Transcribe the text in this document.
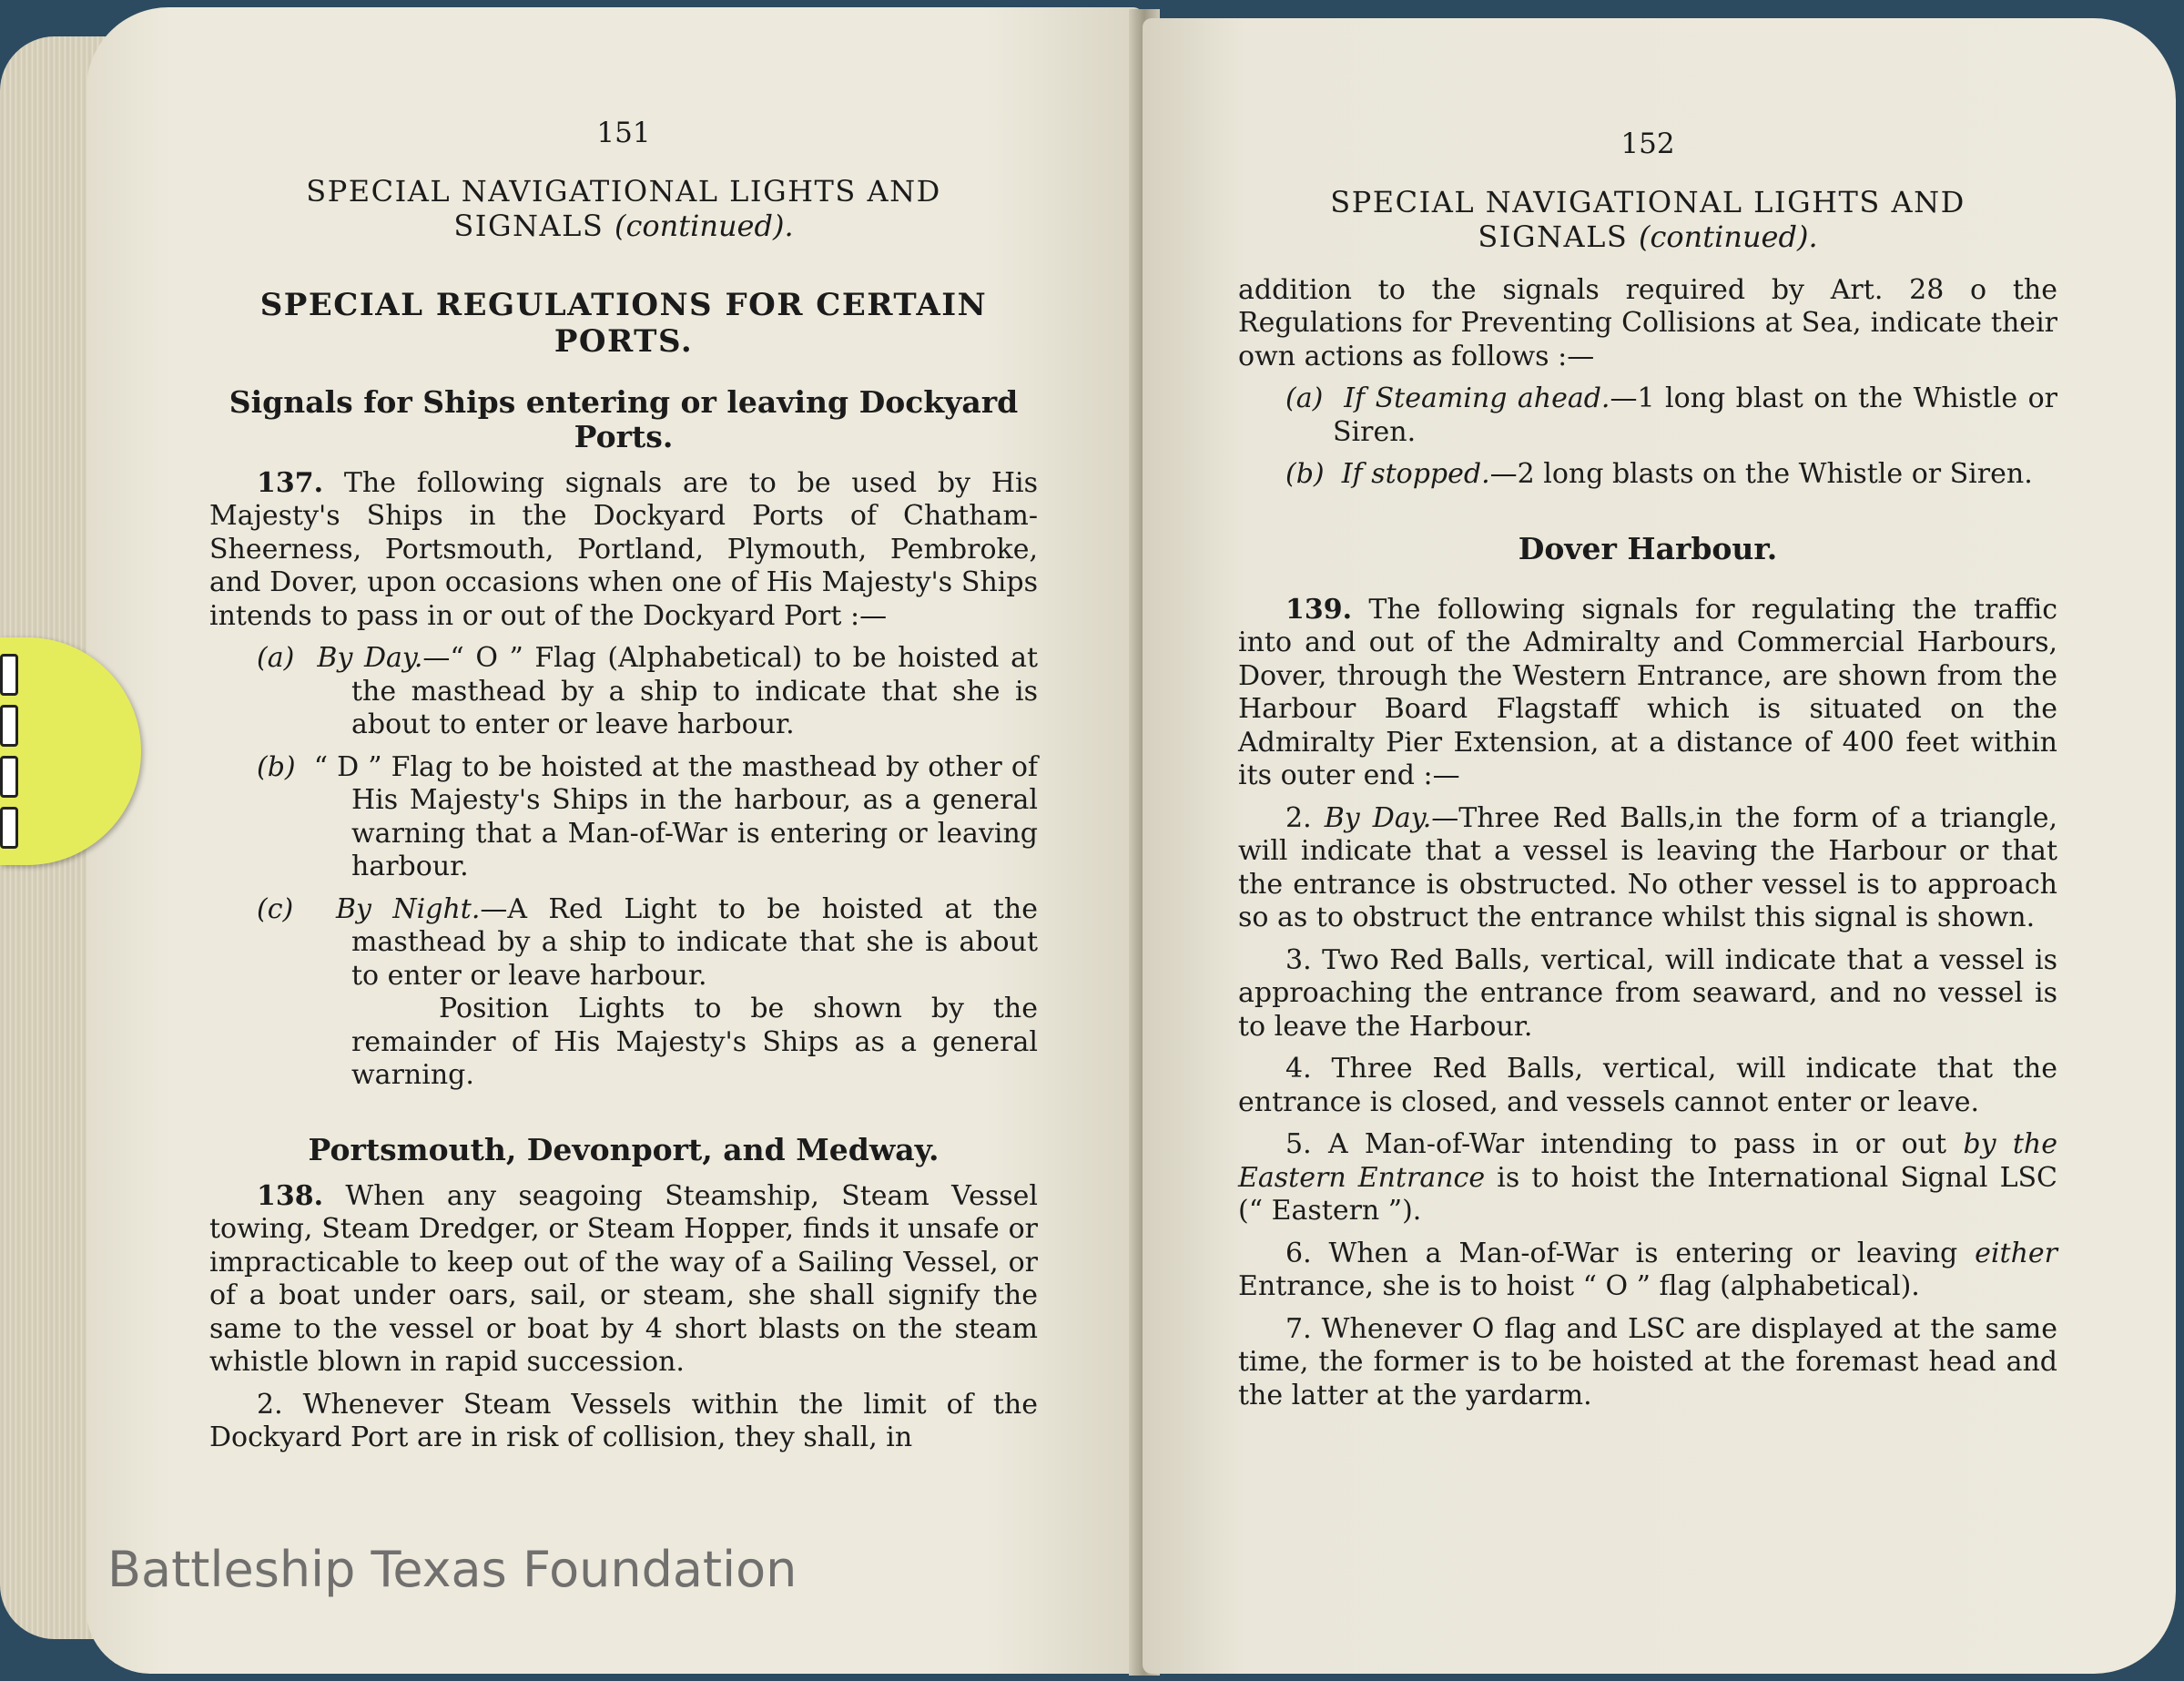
151
SPECIAL NAVIGATIONAL LIGHTS AND
SIGNALS (continued).
SPECIAL REGULATIONS FOR CERTAIN
PORTS.
Signals for Ships entering or leaving Dockyard
Ports.

137. The following signals are to be used by His Majesty's Ships in the Dockyard Ports of Chatham-Sheerness, Portsmouth, Portland, Plymouth, Pembroke, and Dover, upon occasions when one of His Majesty's Ships intends to pass in or out of the Dockyard Port :—

(a) By Day.—“ O ” Flag (Alphabetical) to be hoisted at the masthead by a ship to indicate that she is about to enter or leave harbour.

(b) “ D ” Flag to be hoisted at the masthead by other of His Majesty's Ships in the harbour, as a general warning that a Man-of-War is entering or leaving harbour.

(c) By Night.—A Red Light to be hoisted at the masthead by a ship to indicate that she is about to enter or leave harbour.

Position Lights to be shown by the remainder of His Majesty's Ships as a general warning.

Portsmouth, Devonport, and Medway.

138. When any seagoing Steamship, Steam Vessel towing, Steam Dredger, or Steam Hopper, finds it unsafe or impracticable to keep out of the way of a Sailing Vessel, or of a boat under oars, sail, or steam, she shall signify the same to the vessel or boat by 4 short blasts on the steam whistle blown in rapid succession.

2. Whenever Steam Vessels within the limit of the Dockyard Port are in risk of collision, they shall, in

152
SPECIAL NAVIGATIONAL LIGHTS AND
SIGNALS (continued).

addition to the signals required by Art. 28 o the Regulations for Preventing Collisions at Sea, indicate their own actions as follows :—

(a) If Steaming ahead.—1 long blast on the Whistle or Siren.

(b) If stopped.—2 long blasts on the Whistle or Siren.

Dover Harbour.

139. The following signals for regulating the traffic into and out of the Admiralty and Commercial Harbours, Dover, through the Western Entrance, are shown from the Harbour Board Flagstaff which is situated on the Admiralty Pier Extension, at a distance of 400 feet within its outer end :—

2. By Day.—Three Red Balls,in the form of a triangle, will indicate that a vessel is leaving the Harbour or that the entrance is obstructed. No other vessel is to approach so as to obstruct the entrance whilst this signal is shown.

3. Two Red Balls, vertical, will indicate that a vessel is approaching the entrance from seaward, and no vessel is to leave the Harbour.

4. Three Red Balls, vertical, will indicate that the entrance is closed, and vessels cannot enter or leave.

5. A Man-of-War intending to pass in or out by the Eastern Entrance is to hoist the International Signal LSC (“ Eastern ”).

6. When a Man-of-War is entering or leaving either Entrance, she is to hoist “ O ” flag (alphabetical).

7. Whenever O flag and LSC are displayed at the same time, the former is to be hoisted at the foremast head and the latter at the yardarm.

Battleship Texas Foundation
